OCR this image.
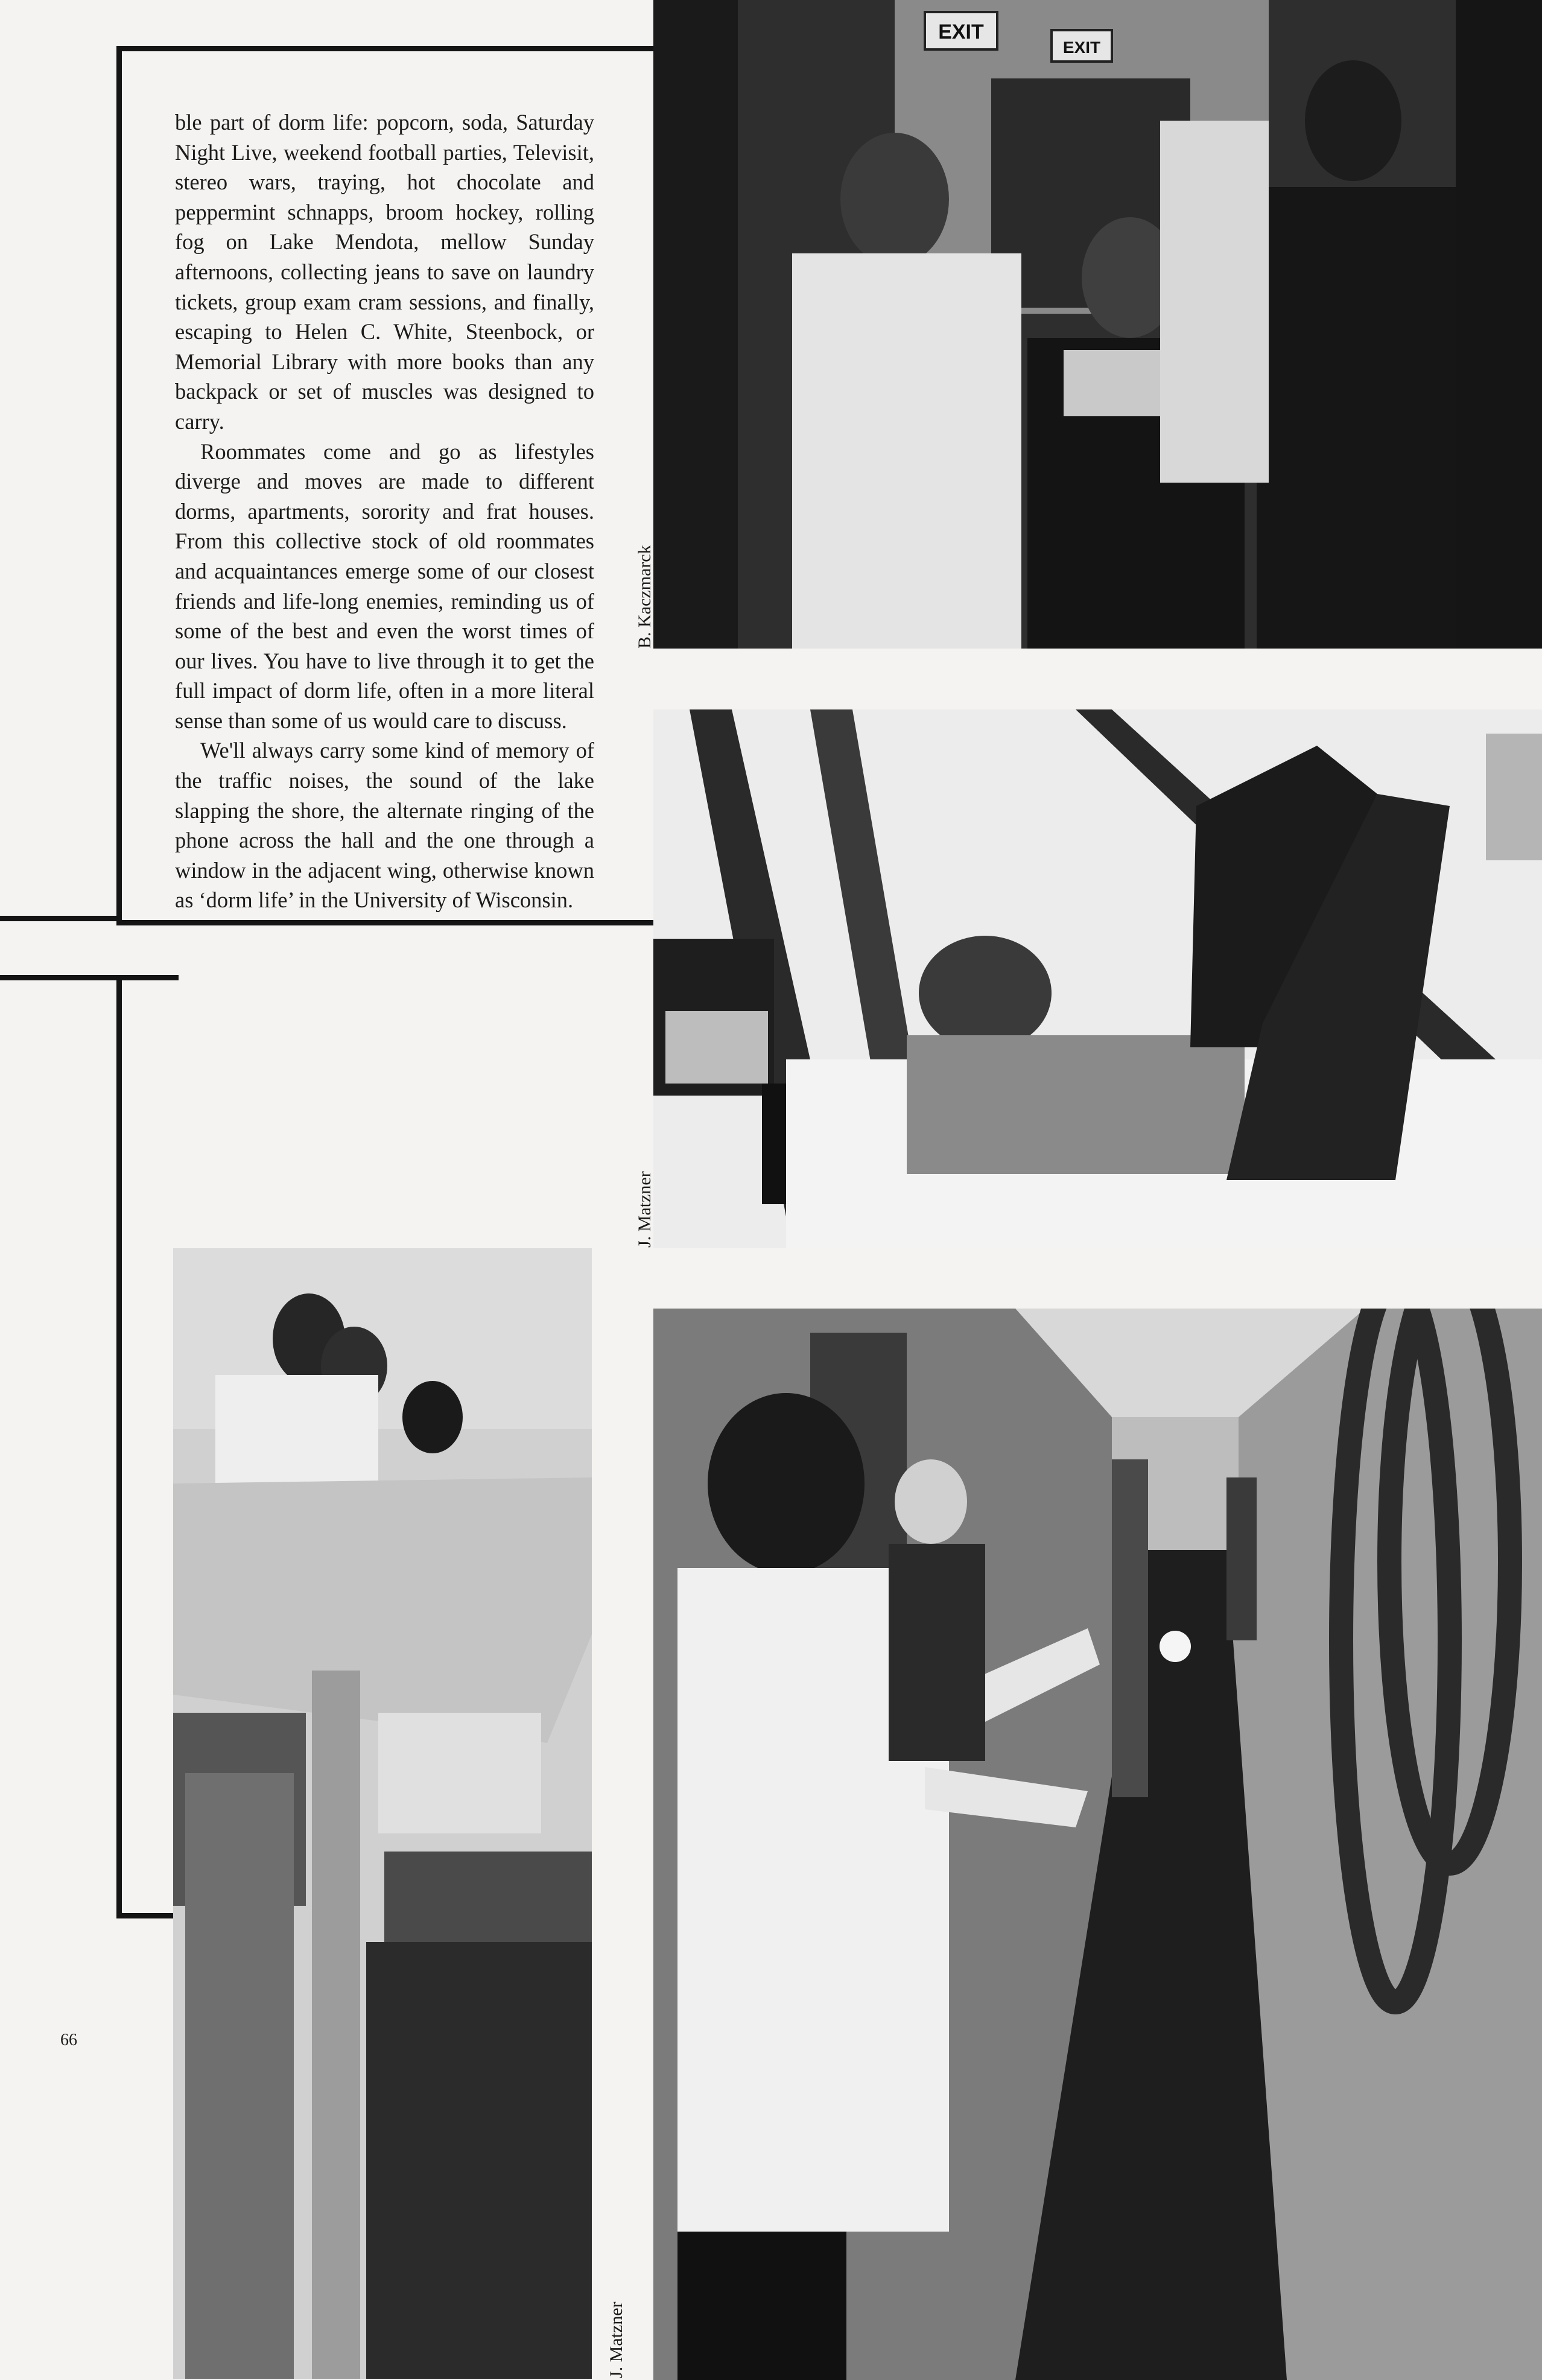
ble part of dorm life: popcorn, soda, Saturday Night Live, weekend football parties, Televisit, stereo wars, traying, hot chocolate and peppermint schnapps, broom hockey, rolling fog on Lake Mendota, mellow Sunday afternoons, collecting jeans to save on laundry tickets, group exam cram sessions, and finally, escaping to Helen C. White, Steenbock, or Memorial Library with more books than any backpack or set of muscles was designed to carry.

Roommates come and go as lifestyles diverge and moves are made to different dorms, apartments, sorority and frat houses. From this collective stock of old roommates and acquaintances emerge some of our closest friends and life-long enemies, reminding us of some of the best and even the worst times of our lives. You have to live through it to get the full impact of dorm life, often in a more literal sense than some of us would care to discuss.

We'll always carry some kind of memory of the traffic noises, the sound of the lake slapping the shore, the alternate ringing of the phone across the hall and the one through a window in the adjacent wing, otherwise known as ‘dorm life’ in the University of Wisconsin.

EXIT
EXIT
B. Kaczmarck
J. Matzner
J. Matzner
66
